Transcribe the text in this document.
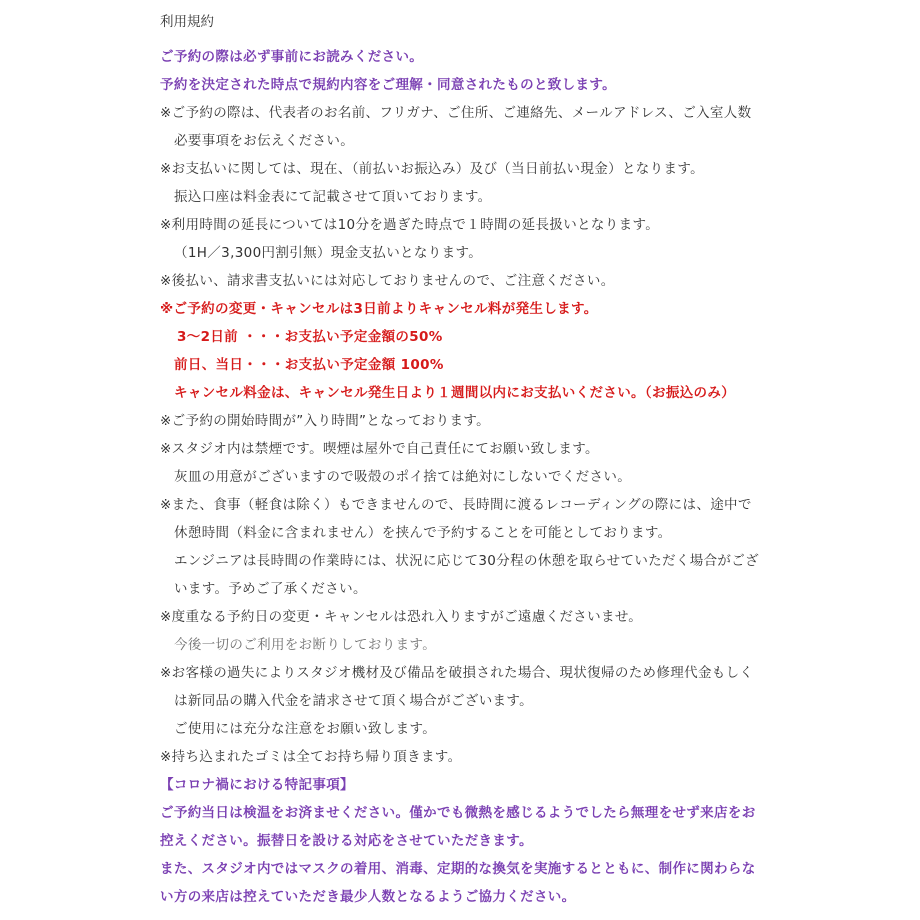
利用規約
ご予約の際は必ず事前にお読みください。
予約を決定された時点で規約内容をご理解・同意されたものと致します。
※ご予約の際は、代表者のお名前、フリガナ、ご住所、ご連絡先、メールアドレス、ご入室人数
必要事項をお伝えください。
※お支払いに関しては、現在、（前払いお振込み）及び（当日前払い現金）となります。
振込口座は料金表にて記載させて頂いております。
※利用時間の延長については10分を過ぎた時点で１時間の延長扱いとなります。
（1H／3,300円割引無）現金支払いとなります。
※後払い、請求書支払いには対応しておりませんので、ご注意ください。
※ご予約の変更・キャンセルは3日前よりキャンセル料が発生します。
3〜2日前 ・・・お支払い予定金額の50%
前日、当日・・・お支払い予定金額 100%
キャンセル料金は、キャンセル発生日より１週間以内にお支払いください。（お振込のみ）
※ご予約の開始時間が”入り時間”となっております。
※スタジオ内は禁煙です。喫煙は屋外で自己責任にてお願い致します。
灰皿の用意がございますので吸殻のポイ捨ては絶対にしないでください。
※また、食事（軽食は除く）もできませんので、長時間に渡るレコーディングの際には、途中で
休憩時間（料金に含まれません）を挟んで予約することを可能としております。
エンジニアは長時間の作業時には、状況に応じて30分程の休憩を取らせていただく場合がござ
います。予めご了承ください。
※度重なる予約日の変更・キャンセルは恐れ入りますがご遠慮くださいませ。
今後一切のご利用をお断りしております。
※お客様の過失によりスタジオ機材及び備品を破損された場合、現状復帰のため修理代金もしく
は新同品の購入代金を請求させて頂く場合がございます。
ご使用には充分な注意をお願い致します。
※持ち込まれたゴミは全てお持ち帰り頂きます。
【コロナ禍における特記事項】
ご予約当日は検温をお済ませください。僅かでも微熱を感じるようでしたら無理をせず来店をお
控えください。振替日を設ける対応をさせていただきます。
また、スタジオ内ではマスクの着用、消毒、定期的な換気を実施するとともに、制作に関わらな
い方の来店は控えていただき最少人数となるようご協力ください。
